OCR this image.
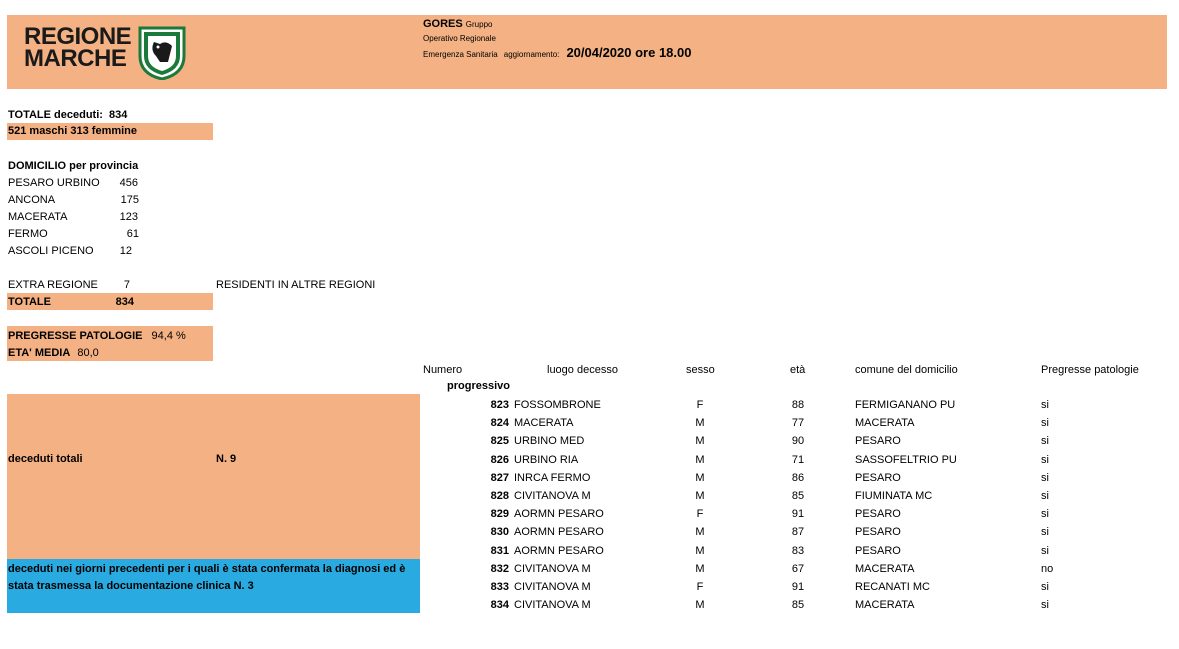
REGIONE
MARCHE
GORES Gruppo
Operativo Regionale
Emergenza Sanitaria aggiornamento: 20/04/2020 ore 18.00
TOTALE deceduti: 834
521 maschi 313 femmine
DOMICILIO per provincia
PESARO URBINO	456
ANCONA	175
MACERATA	123
FERMO	61
ASCOLI PICENO	12
EXTRA REGIONE	7	RESIDENTI IN ALTRE REGIONI
TOTALE	834
PREGRESSE PATOLOGIE 94,4 %
ETA' MEDIA 80,0
deceduti totali	N. 9
deceduti nei giorni precedenti per i quali è stata confermata la diagnosi ed è
stata trasmessa la documentazione clinica N. 3
Numero
progressivo
luogo decesso	sesso	età	comune del domicilio	Pregresse patologie
823 FOSSOMBRONE	F	88	FERMIGANANO PU	si
824 MACERATA	M	77	MACERATA	si
825 URBINO MED	M	90	PESARO	si
826 URBINO RIA	M	71	SASSOFELTRIO PU	si
827 INRCA FERMO	M	86	PESARO	si
828 CIVITANOVA M	M	85	FIUMINATA MC	si
829 AORMN PESARO	F	91	PESARO	si
830 AORMN PESARO	M	87	PESARO	si
831 AORMN PESARO	M	83	PESARO	si
832 CIVITANOVA M	M	67	MACERATA	no
833 CIVITANOVA M	F	91	RECANATI MC	si
834 CIVITANOVA M	M	85	MACERATA	si
